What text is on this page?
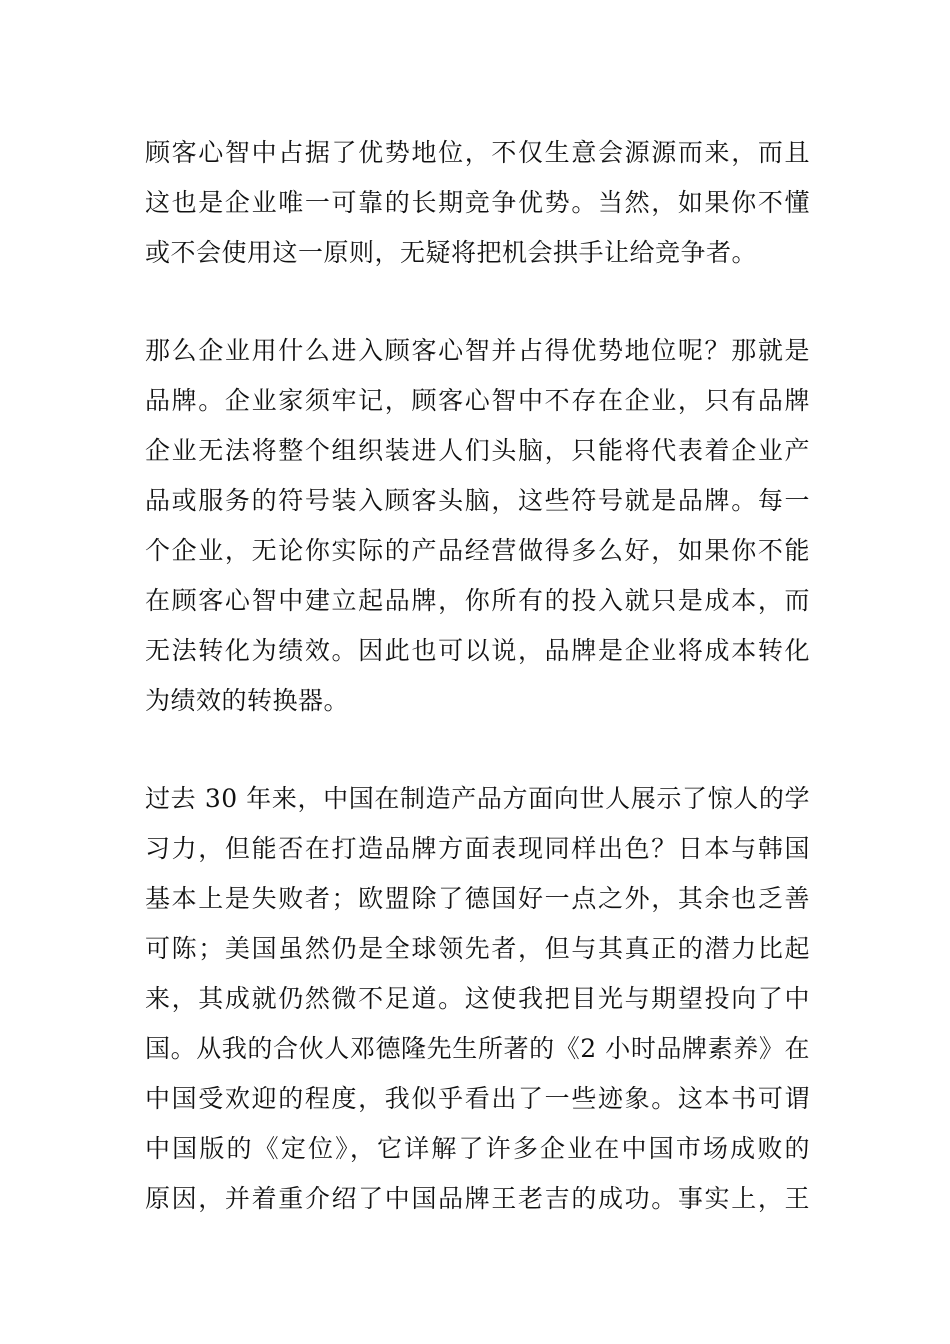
顾客心智中占据了优势地位，不仅生意会源源而来，而且
这也是企业唯一可靠的长期竞争优势。当然，如果你不懂
或不会使用这一原则，无疑将把机会拱手让给竞争者。
那么企业用什么进入顾客心智并占得优势地位呢？那就是
品牌。企业家须牢记，顾客心智中不存在企业，只有品牌
企业无法将整个组织装进人们头脑，只能将代表着企业产
品或服务的符号装入顾客头脑，这些符号就是品牌。每一
个企业，无论你实际的产品经营做得多么好，如果你不能
在顾客心智中建立起品牌，你所有的投入就只是成本，而
无法转化为绩效。因此也可以说，品牌是企业将成本转化
为绩效的转换器。
过去 30 年来，中国在制造产品方面向世人展示了惊人的学
习力，但能否在打造品牌方面表现同样出色？日本与韩国
基本上是失败者；欧盟除了德国好一点之外，其余也乏善
可陈；美国虽然仍是全球领先者，但与其真正的潜力比起
来，其成就仍然微不足道。这使我把目光与期望投向了中
国。从我的合伙人邓德隆先生所著的《2 小时品牌素养》在
中国受欢迎的程度，我似乎看出了一些迹象。这本书可谓
中国版的《定位》，它详解了许多企业在中国市场成败的
原因，并着重介绍了中国品牌王老吉的成功。事实上，王
